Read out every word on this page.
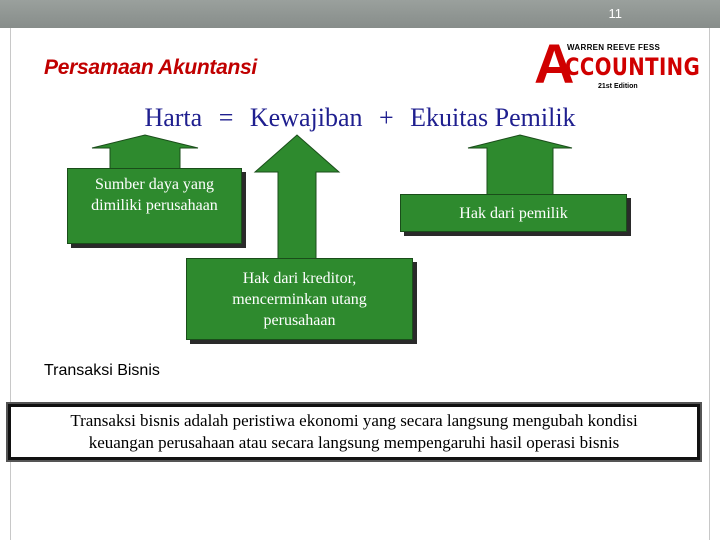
11
Persamaan Akuntansi	A
WARREN REEVE FESS
CCOUNTING
21st Edition
Harta = Kewajiban + Ekuitas Pemilik
Sumber daya yang
dimiliki perusahaan	Hak dari pemilik
Hak dari kreditor,
mencerminkan utang
perusahaan
Transaksi Bisnis
Transaksi bisnis adalah peristiwa ekonomi yang secara langsung mengubah kondisi
keuangan perusahaan atau secara langsung mempengaruhi hasil operasi bisnis
